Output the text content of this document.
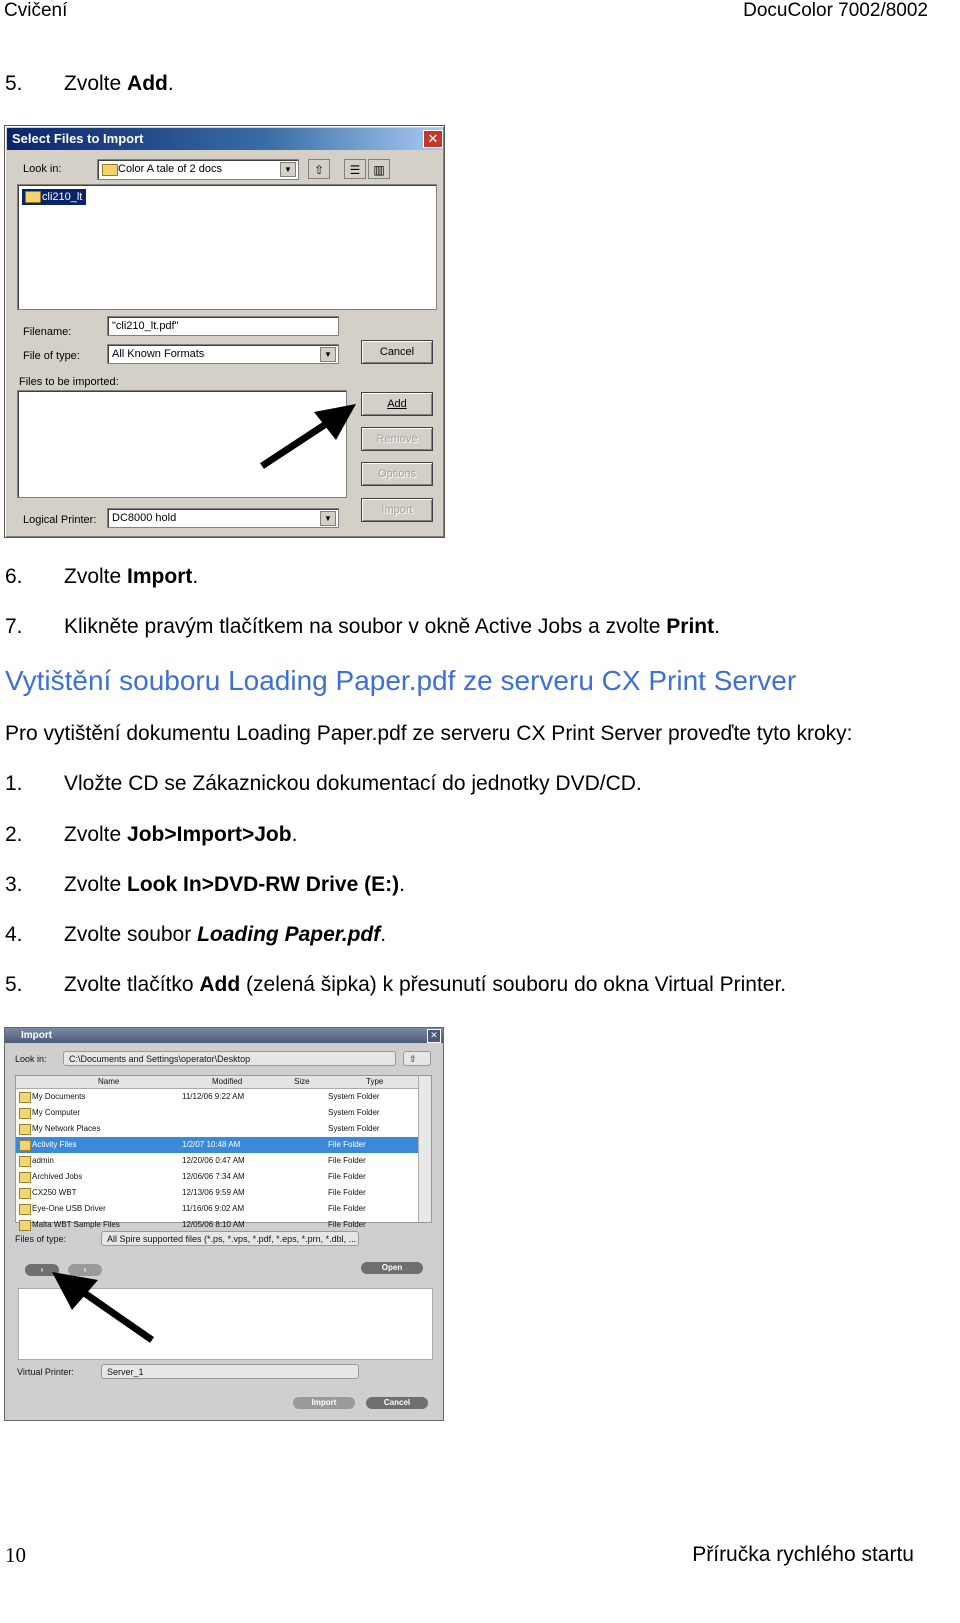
Cvičení	DocuColor 7002/8002
5. Zvolte Add.
Select Files to Import	✕
Look in:	Color A tale of 2 docs	▼	⇧	☰	▥
cli210_lt
Filename:	"cli210_lt.pdf"
File of type:	All Known Formats	▼	Cancel
Files to be imported:
Add
Remove
Options
Import
Logical Printer:	DC8000 hold	▼
6. Zvolte Import.
7. Klikněte pravým tlačítkem na soubor v okně Active Jobs a zvolte Print.
Vytištění souboru Loading Paper.pdf ze serveru CX Print Server
Pro vytištění dokumentu Loading Paper.pdf ze serveru CX Print Server proveďte tyto kroky:
1. Vložte CD se Zákaznickou dokumentací do jednotky DVD/CD.
2. Zvolte Job>Import>Job.
3. Zvolte Look In>DVD-RW Drive (E:).
4. Zvolte soubor Loading Paper.pdf.
5. Zvolte tlačítko Add (zelená šipka) k přesunutí souboru do okna Virtual Printer.
Import	✕
Look in:	C:\Documents and Settings\operator\Desktop	⇧
Name	Modified	Size	Type
My Documents	11/12/06 9:22 AM	System Folder
My Computer	System Folder
My Network Places	System Folder
Activity Files	1/2/07 10:48 AM	File Folder
admin	12/20/06 0:47 AM	File Folder
Archived Jobs	12/06/06 7:34 AM	File Folder
CX250 WBT	12/13/06 9:59 AM	File Folder
Eye-One USB Driver	11/16/06 9:02 AM	File Folder
Malta WBT Sample Files	12/05/06 8:10 AM	File Folder
Files of type:	All Spire supported files (*.ps, *.vps, *.pdf, *.eps, *.prn, *.dbl, ...
›	‹	Open
Virtual Printer:	Server_1
Import	Cancel
10	Příručka rychlého startu
